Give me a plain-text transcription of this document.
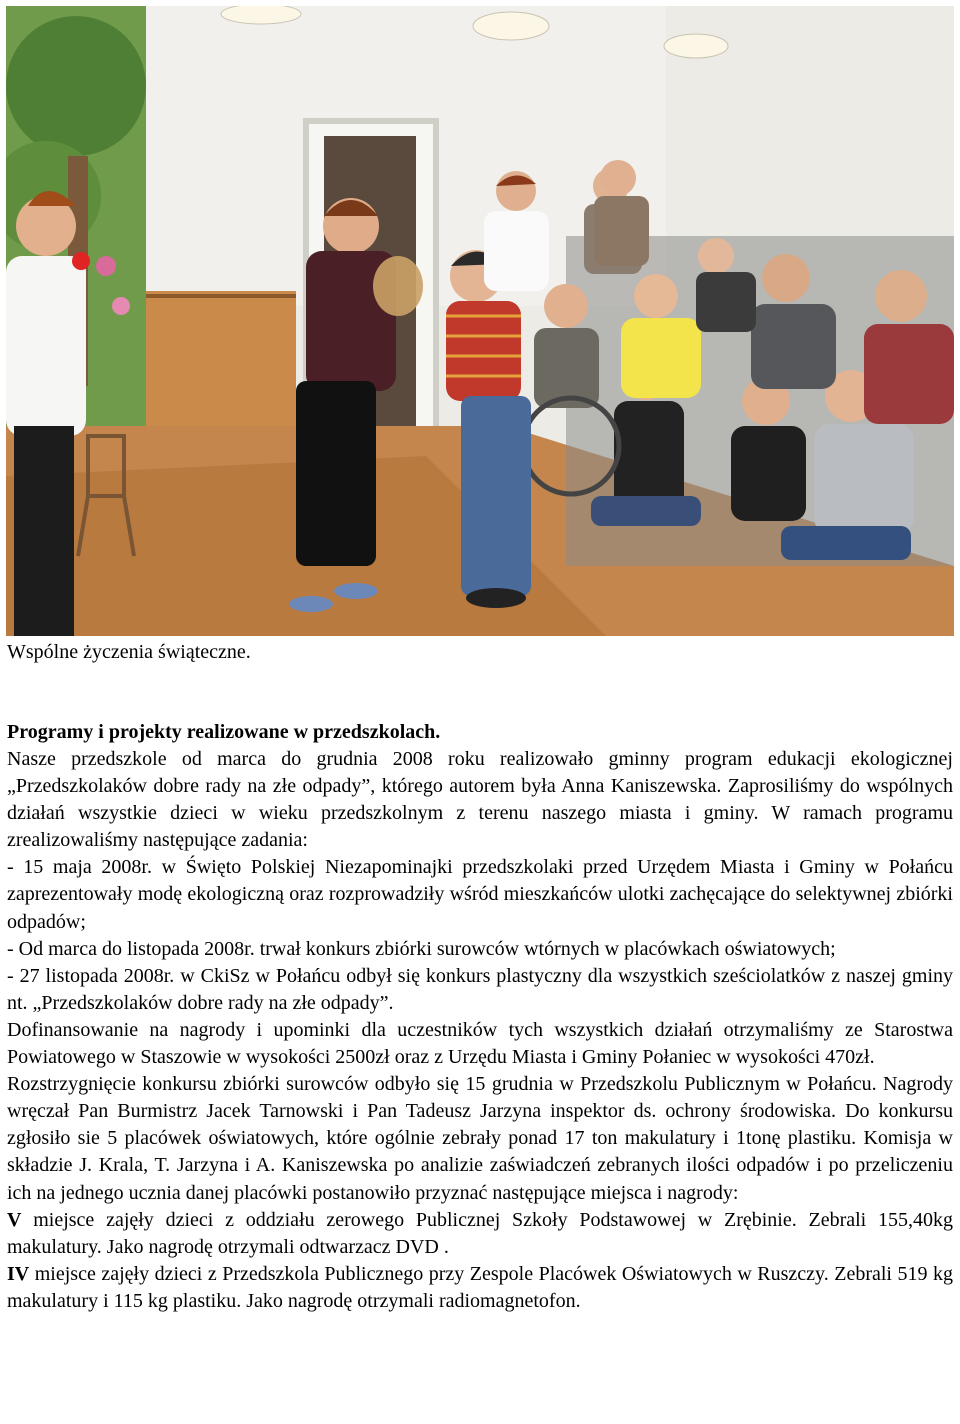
Wspólne życzenia świąteczne.
Programy i projekty realizowane w przedszkolach.

Nasze przedszkole od marca do grudnia 2008 roku realizowało gminny program edukacji ekologicznej „Przedszkolaków dobre rady na złe odpady”, którego autorem była Anna Kaniszewska. Zaprosiliśmy do wspólnych działań wszystkie dzieci w wieku przedszkolnym z terenu naszego miasta i gminy. W ramach programu zrealizowaliśmy następujące zadania:

- 15 maja 2008r. w Święto Polskiej Niezapominajki przedszkolaki przed Urzędem Miasta i Gminy w Połańcu zaprezentowały modę ekologiczną oraz rozprowadziły wśród mieszkańców ulotki zachęcające do selektywnej zbiórki odpadów;

- Od marca do listopada 2008r. trwał konkurs zbiórki surowców wtórnych w placówkach oświatowych;

- 27 listopada 2008r. w CkiSz w Połańcu odbył się konkurs plastyczny dla wszystkich sześciolatków z naszej gminy nt. „Przedszkolaków dobre rady na złe odpady”.

Dofinansowanie na nagrody i upominki dla uczestników tych wszystkich działań otrzymaliśmy ze Starostwa Powiatowego w Staszowie w wysokości 2500zł oraz z Urzędu Miasta i Gminy Połaniec w wysokości 470zł.

Rozstrzygnięcie konkursu zbiórki surowców odbyło się 15 grudnia w Przedszkolu Publicznym w Połańcu. Nagrody wręczał Pan Burmistrz Jacek Tarnowski i Pan Tadeusz Jarzyna inspektor ds. ochrony środowiska. Do konkursu zgłosiło sie 5 placówek oświatowych, które ogólnie zebrały ponad 17 ton makulatury i 1tonę plastiku. Komisja w składzie J. Krala, T. Jarzyna i A. Kaniszewska po analizie zaświadczeń zebranych ilości odpadów i po przeliczeniu ich na jednego ucznia danej placówki postanowiło przyznać następujące miejsca i nagrody:

V miejsce zajęły dzieci z oddziału zerowego Publicznej Szkoły Podstawowej w Zrębinie. Zebrali 155,40kg makulatury. Jako nagrodę otrzymali odtwarzacz DVD .

IV miejsce zajęły dzieci z Przedszkola Publicznego przy Zespole Placówek Oświatowych w Ruszczy. Zebrali 519 kg makulatury i 115 kg plastiku. Jako nagrodę otrzymali radiomagnetofon.
